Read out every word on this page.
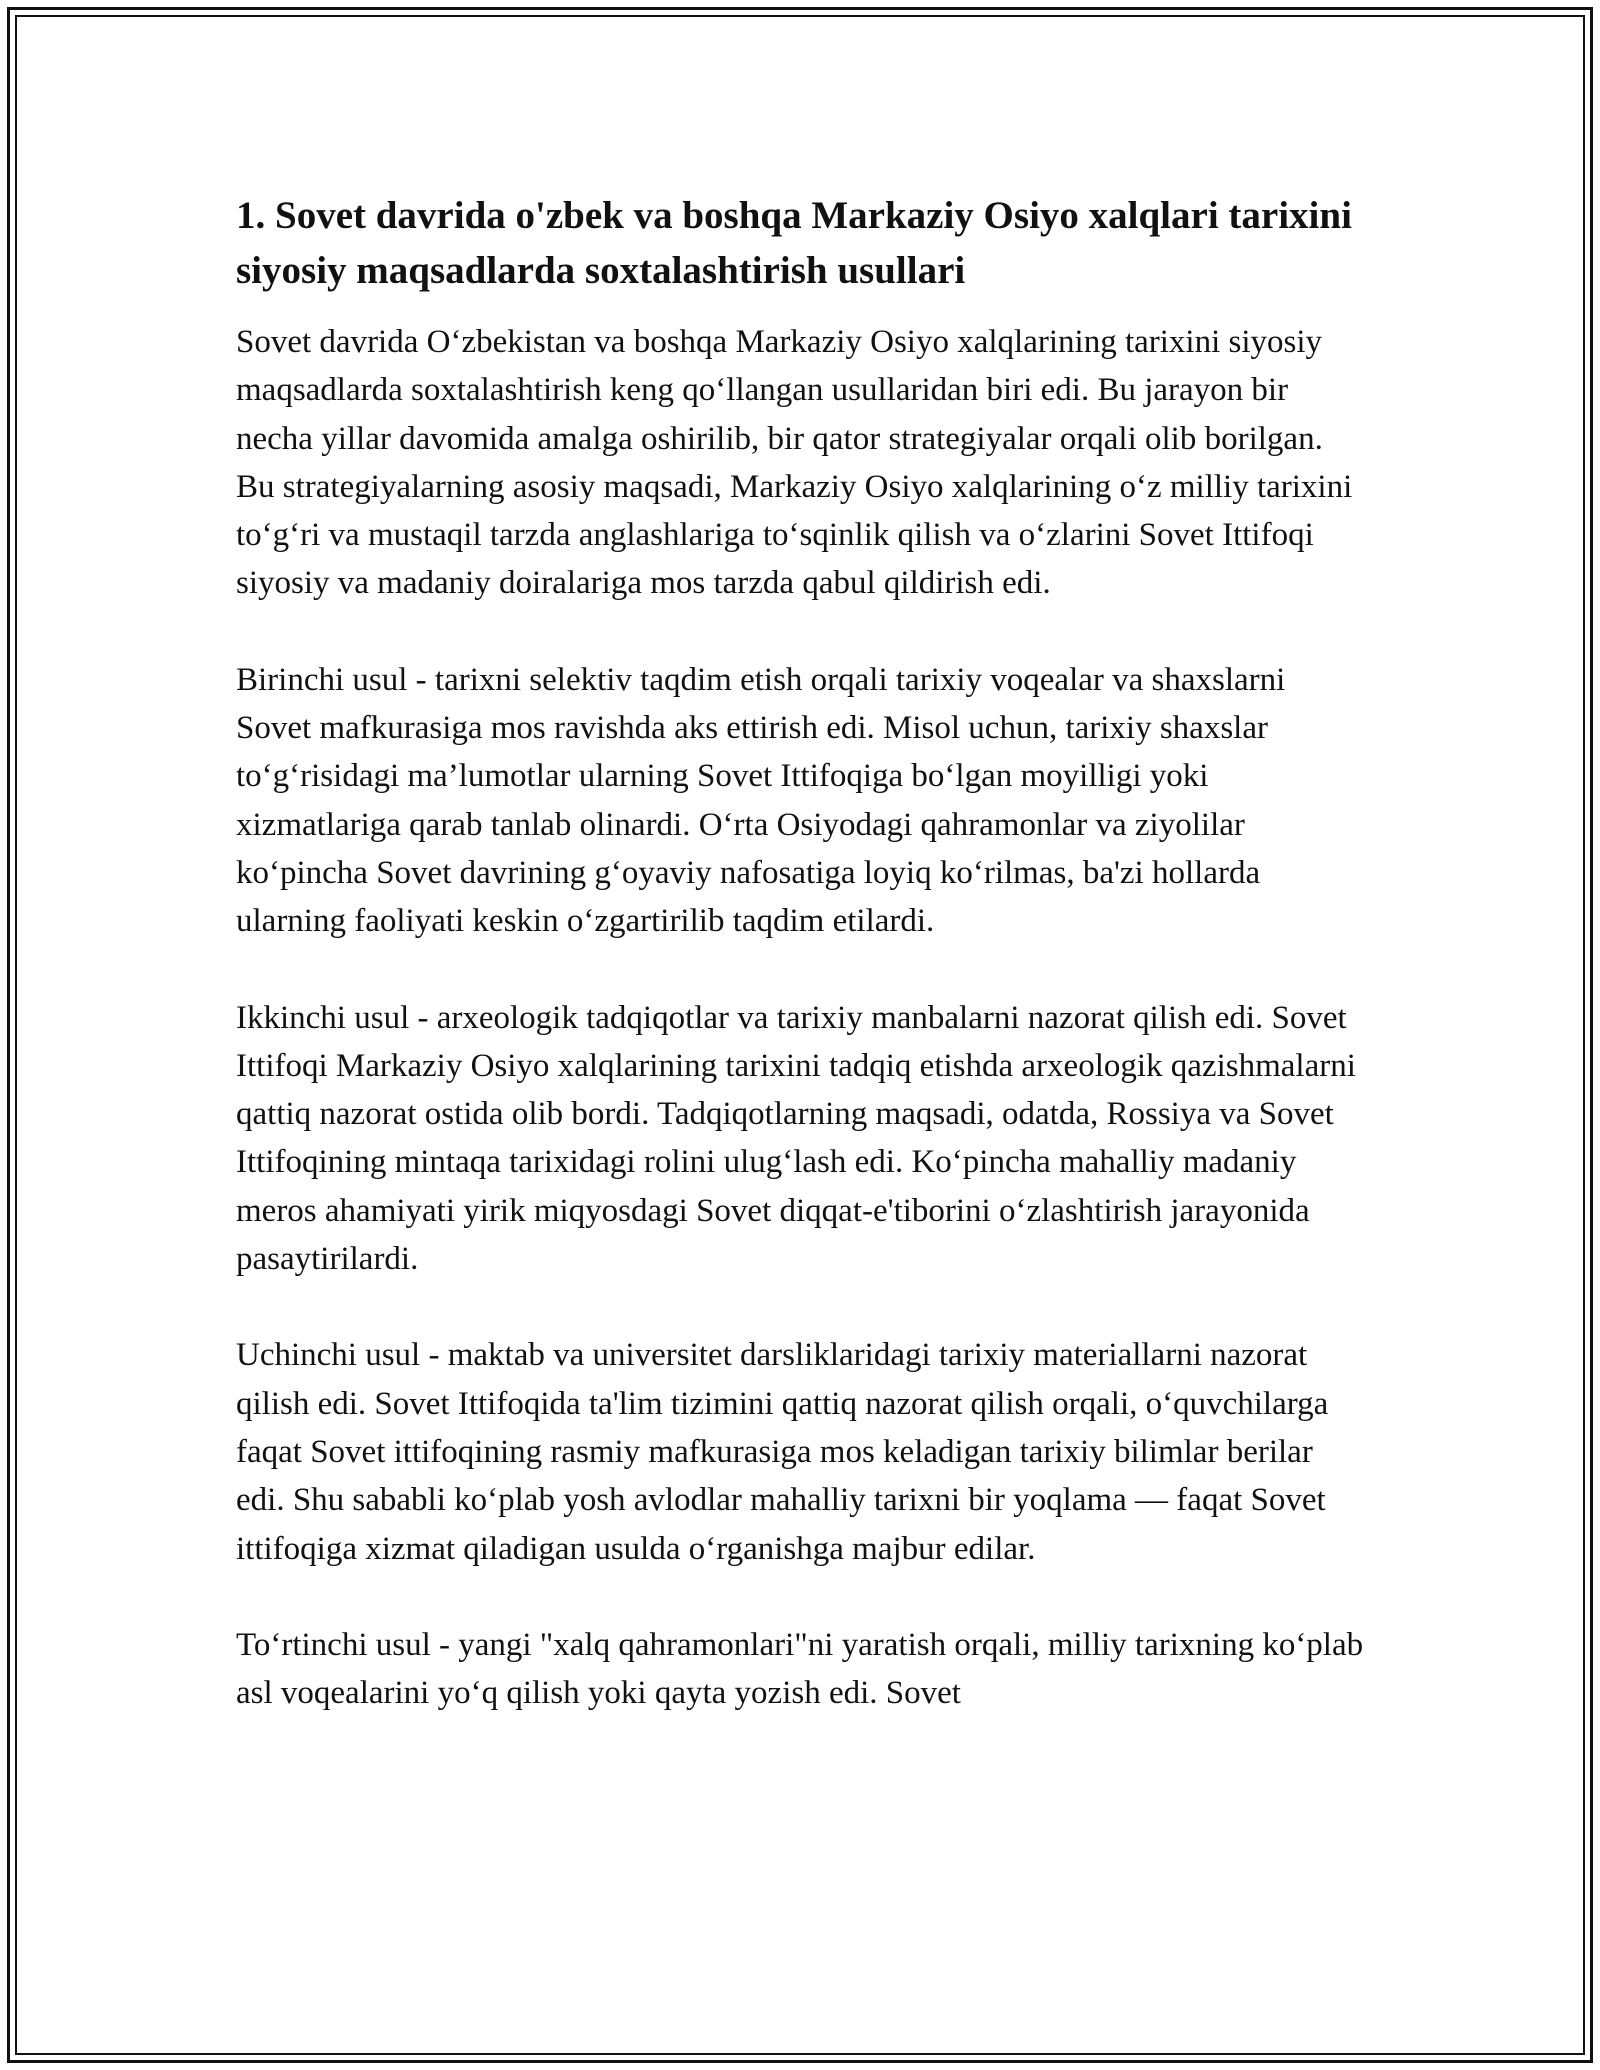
1. Sovet davrida o'zbek va boshqa Markaziy Osiyo xalqlari tarixini siyosiy maqsadlarda soxtalashtirish usullari

Sovet davrida O‘zbekistan va boshqa Markaziy Osiyo xalqlarining tarixini siyosiy maqsadlarda soxtalashtirish keng qo‘llangan usullaridan biri edi. Bu jarayon bir necha yillar davomida amalga oshirilib, bir qator strategiyalar orqali olib borilgan. Bu strategiyalarning asosiy maqsadi, Markaziy Osiyo xalqlarining o‘z milliy tarixini to‘g‘ri va mustaqil tarzda anglashlariga to‘sqinlik qilish va o‘zlarini Sovet Ittifoqi siyosiy va madaniy doiralariga mos tarzda qabul qildirish edi.

Birinchi usul - tarixni selektiv taqdim etish orqali tarixiy voqealar va shaxslarni Sovet mafkurasiga mos ravishda aks ettirish edi. Misol uchun, tarixiy shaxslar to‘g‘risidagi ma’lumotlar ularning Sovet Ittifoqiga bo‘lgan moyilligi yoki xizmatlariga qarab tanlab olinardi. O‘rta Osiyodagi qahramonlar va ziyolilar ko‘pincha Sovet davrining g‘oyaviy nafosatiga loyiq ko‘rilmas, ba'zi hollarda ularning faoliyati keskin o‘zgartirilib taqdim etilardi.

Ikkinchi usul - arxeologik tadqiqotlar va tarixiy manbalarni nazorat qilish edi. Sovet Ittifoqi Markaziy Osiyo xalqlarining tarixini tadqiq etishda arxeologik qazishmalarni qattiq nazorat ostida olib bordi. Tadqiqotlarning maqsadi, odatda, Rossiya va Sovet Ittifoqining mintaqa tarixidagi rolini ulug‘lash edi. Ko‘pincha mahalliy madaniy meros ahamiyati yirik miqyosdagi Sovet diqqat-e'tiborini o‘zlashtirish jarayonida pasaytirilardi.

Uchinchi usul - maktab va universitet darsliklaridagi tarixiy materiallarni nazorat qilish edi. Sovet Ittifoqida ta'lim tizimini qattiq nazorat qilish orqali, o‘quvchilarga faqat Sovet ittifoqining rasmiy mafkurasiga mos keladigan tarixiy bilimlar berilar edi. Shu sababli ko‘plab yosh avlodlar mahalliy tarixni bir yoqlama — faqat Sovet ittifoqiga xizmat qiladigan usulda o‘rganishga majbur edilar.

To‘rtinchi usul - yangi "xalq qahramonlari"ni yaratish orqali, milliy tarixning ko‘plab asl voqealarini yo‘q qilish yoki qayta yozish edi. Sovet
